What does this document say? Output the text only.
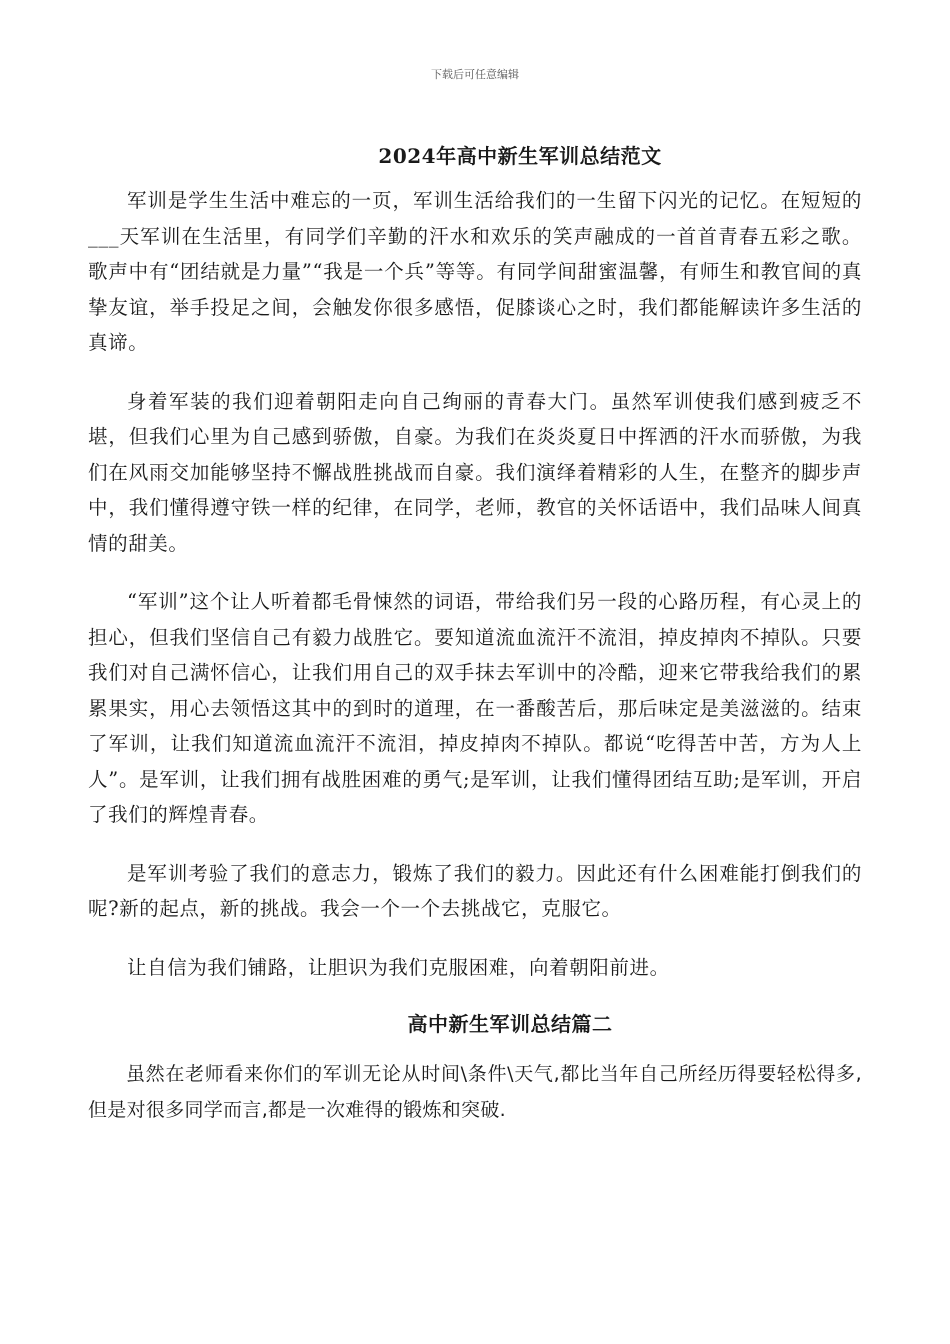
下载后可任意编辑
2024年高中新生军训总结范文

军训是学生生活中难忘的一页，军训生活给我们的一生留下闪光的记忆。在短短的___天军训在生活里，有同学们辛勤的汗水和欢乐的笑声融成的一首首青春五彩之歌。歌声中有“团结就是力量”“我是一个兵”等等。有同学间甜蜜温馨，有师生和教官间的真挚友谊，举手投足之间，会触发你很多感悟，促膝谈心之时，我们都能解读许多生活的真谛。

身着军装的我们迎着朝阳走向自己绚丽的青春大门。虽然军训使我们感到疲乏不堪，但我们心里为自己感到骄傲，自豪。为我们在炎炎夏日中挥洒的汗水而骄傲，为我们在风雨交加能够坚持不懈战胜挑战而自豪。我们演绎着精彩的人生，在整齐的脚步声中，我们懂得遵守铁一样的纪律，在同学，老师，教官的关怀话语中，我们品味人间真情的甜美。

“军训”这个让人听着都毛骨悚然的词语，带给我们另一段的心路历程，有心灵上的担心，但我们坚信自己有毅力战胜它。要知道流血流汗不流泪，掉皮掉肉不掉队。只要我们对自己满怀信心，让我们用自己的双手抹去军训中的冷酷，迎来它带我给我们的累累果实，用心去领悟这其中的到时的道理，在一番酸苦后，那后味定是美滋滋的。结束了军训，让我们知道流血流汗不流泪，掉皮掉肉不掉队。都说“吃得苦中苦，方为人上人”。是军训，让我们拥有战胜困难的勇气;是军训，让我们懂得团结互助;是军训，开启了我们的辉煌青春。

是军训考验了我们的意志力，锻炼了我们的毅力。因此还有什么困难能打倒我们的呢?新的起点，新的挑战。我会一个一个去挑战它，克服它。

让自信为我们铺路，让胆识为我们克服困难，向着朝阳前进。

高中新生军训总结篇二

虽然在老师看来你们的军训无论从时间\条件\天气,都比当年自己所经历得要轻松得多,但是对很多同学而言,都是一次难得的锻炼和突破.
